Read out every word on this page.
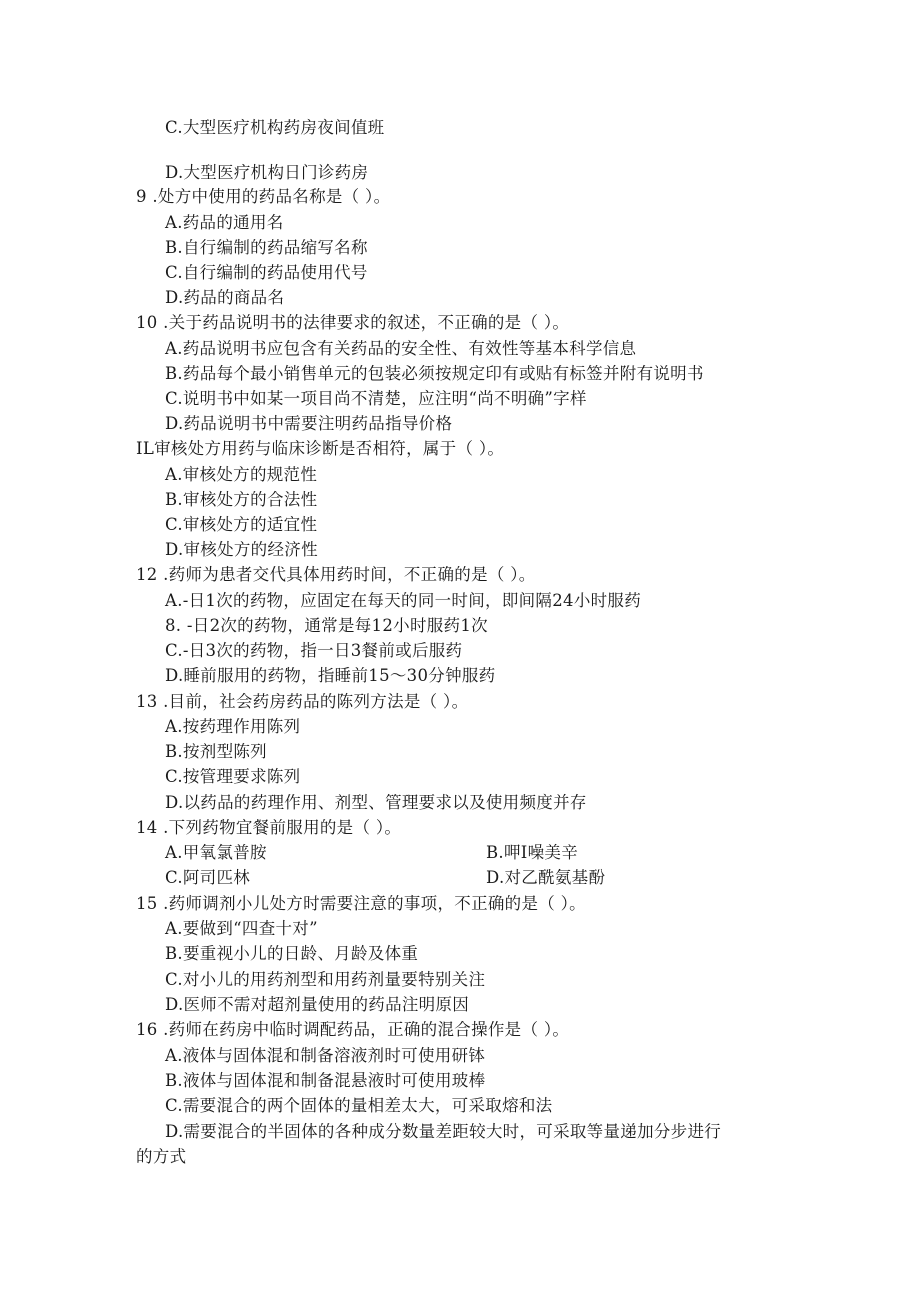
C.大型医疗机构药房夜间值班
D.大型医疗机构日门诊药房
9 .处方中使用的药品名称是（ ）。
A.药品的通用名
B.自行编制的药品缩写名称
C.自行编制的药品使用代号
D.药品的商品名
10 .关于药品说明书的法律要求的叙述，不正确的是（ ）。
A.药品说明书应包含有关药品的安全性、有效性等基本科学信息
B.药品每个最小销售单元的包装必须按规定印有或贴有标签并附有说明书
C.说明书中如某一项目尚不清楚，应注明“尚不明确”字样
D.药品说明书中需要注明药品指导价格
IL审核处方用药与临床诊断是否相符，属于（ ）。
A.审核处方的规范性
B.审核处方的合法性
C.审核处方的适宜性
D.审核处方的经济性
12 .药师为患者交代具体用药时间，不正确的是（ ）。
A.-日1次的药物，应固定在每天的同一时间，即间隔24小时服药
8. -日2次的药物，通常是每12小时服药1次
C.-日3次的药物，指一日3餐前或后服药
D.睡前服用的药物，指睡前15～30分钟服药
13 .目前，社会药房药品的陈列方法是（ ）。
A.按药理作用陈列
B.按剂型陈列
C.按管理要求陈列
D.以药品的药理作用、剂型、管理要求以及使用频度并存
14 .下列药物宜餐前服用的是（ ）。
A.甲氧氯普胺	B.呷I噪美辛
C.阿司匹林	D.对乙酰氨基酚
15 .药师调剂小儿处方时需要注意的事项，不正确的是（ ）。
A.要做到“四查十对”
B.要重视小儿的日龄、月龄及体重
C.对小儿的用药剂型和用药剂量要特别关注
D.医师不需对超剂量使用的药品注明原因
16 .药师在药房中临时调配药品，正确的混合操作是（ ）。
A.液体与固体混和制备溶液剂时可使用研钵
B.液体与固体混和制备混悬液时可使用玻棒
C.需要混合的两个固体的量相差太大，可采取熔和法
D.需要混合的半固体的各种成分数量差距较大时，可采取等量递加分步进行
的方式
